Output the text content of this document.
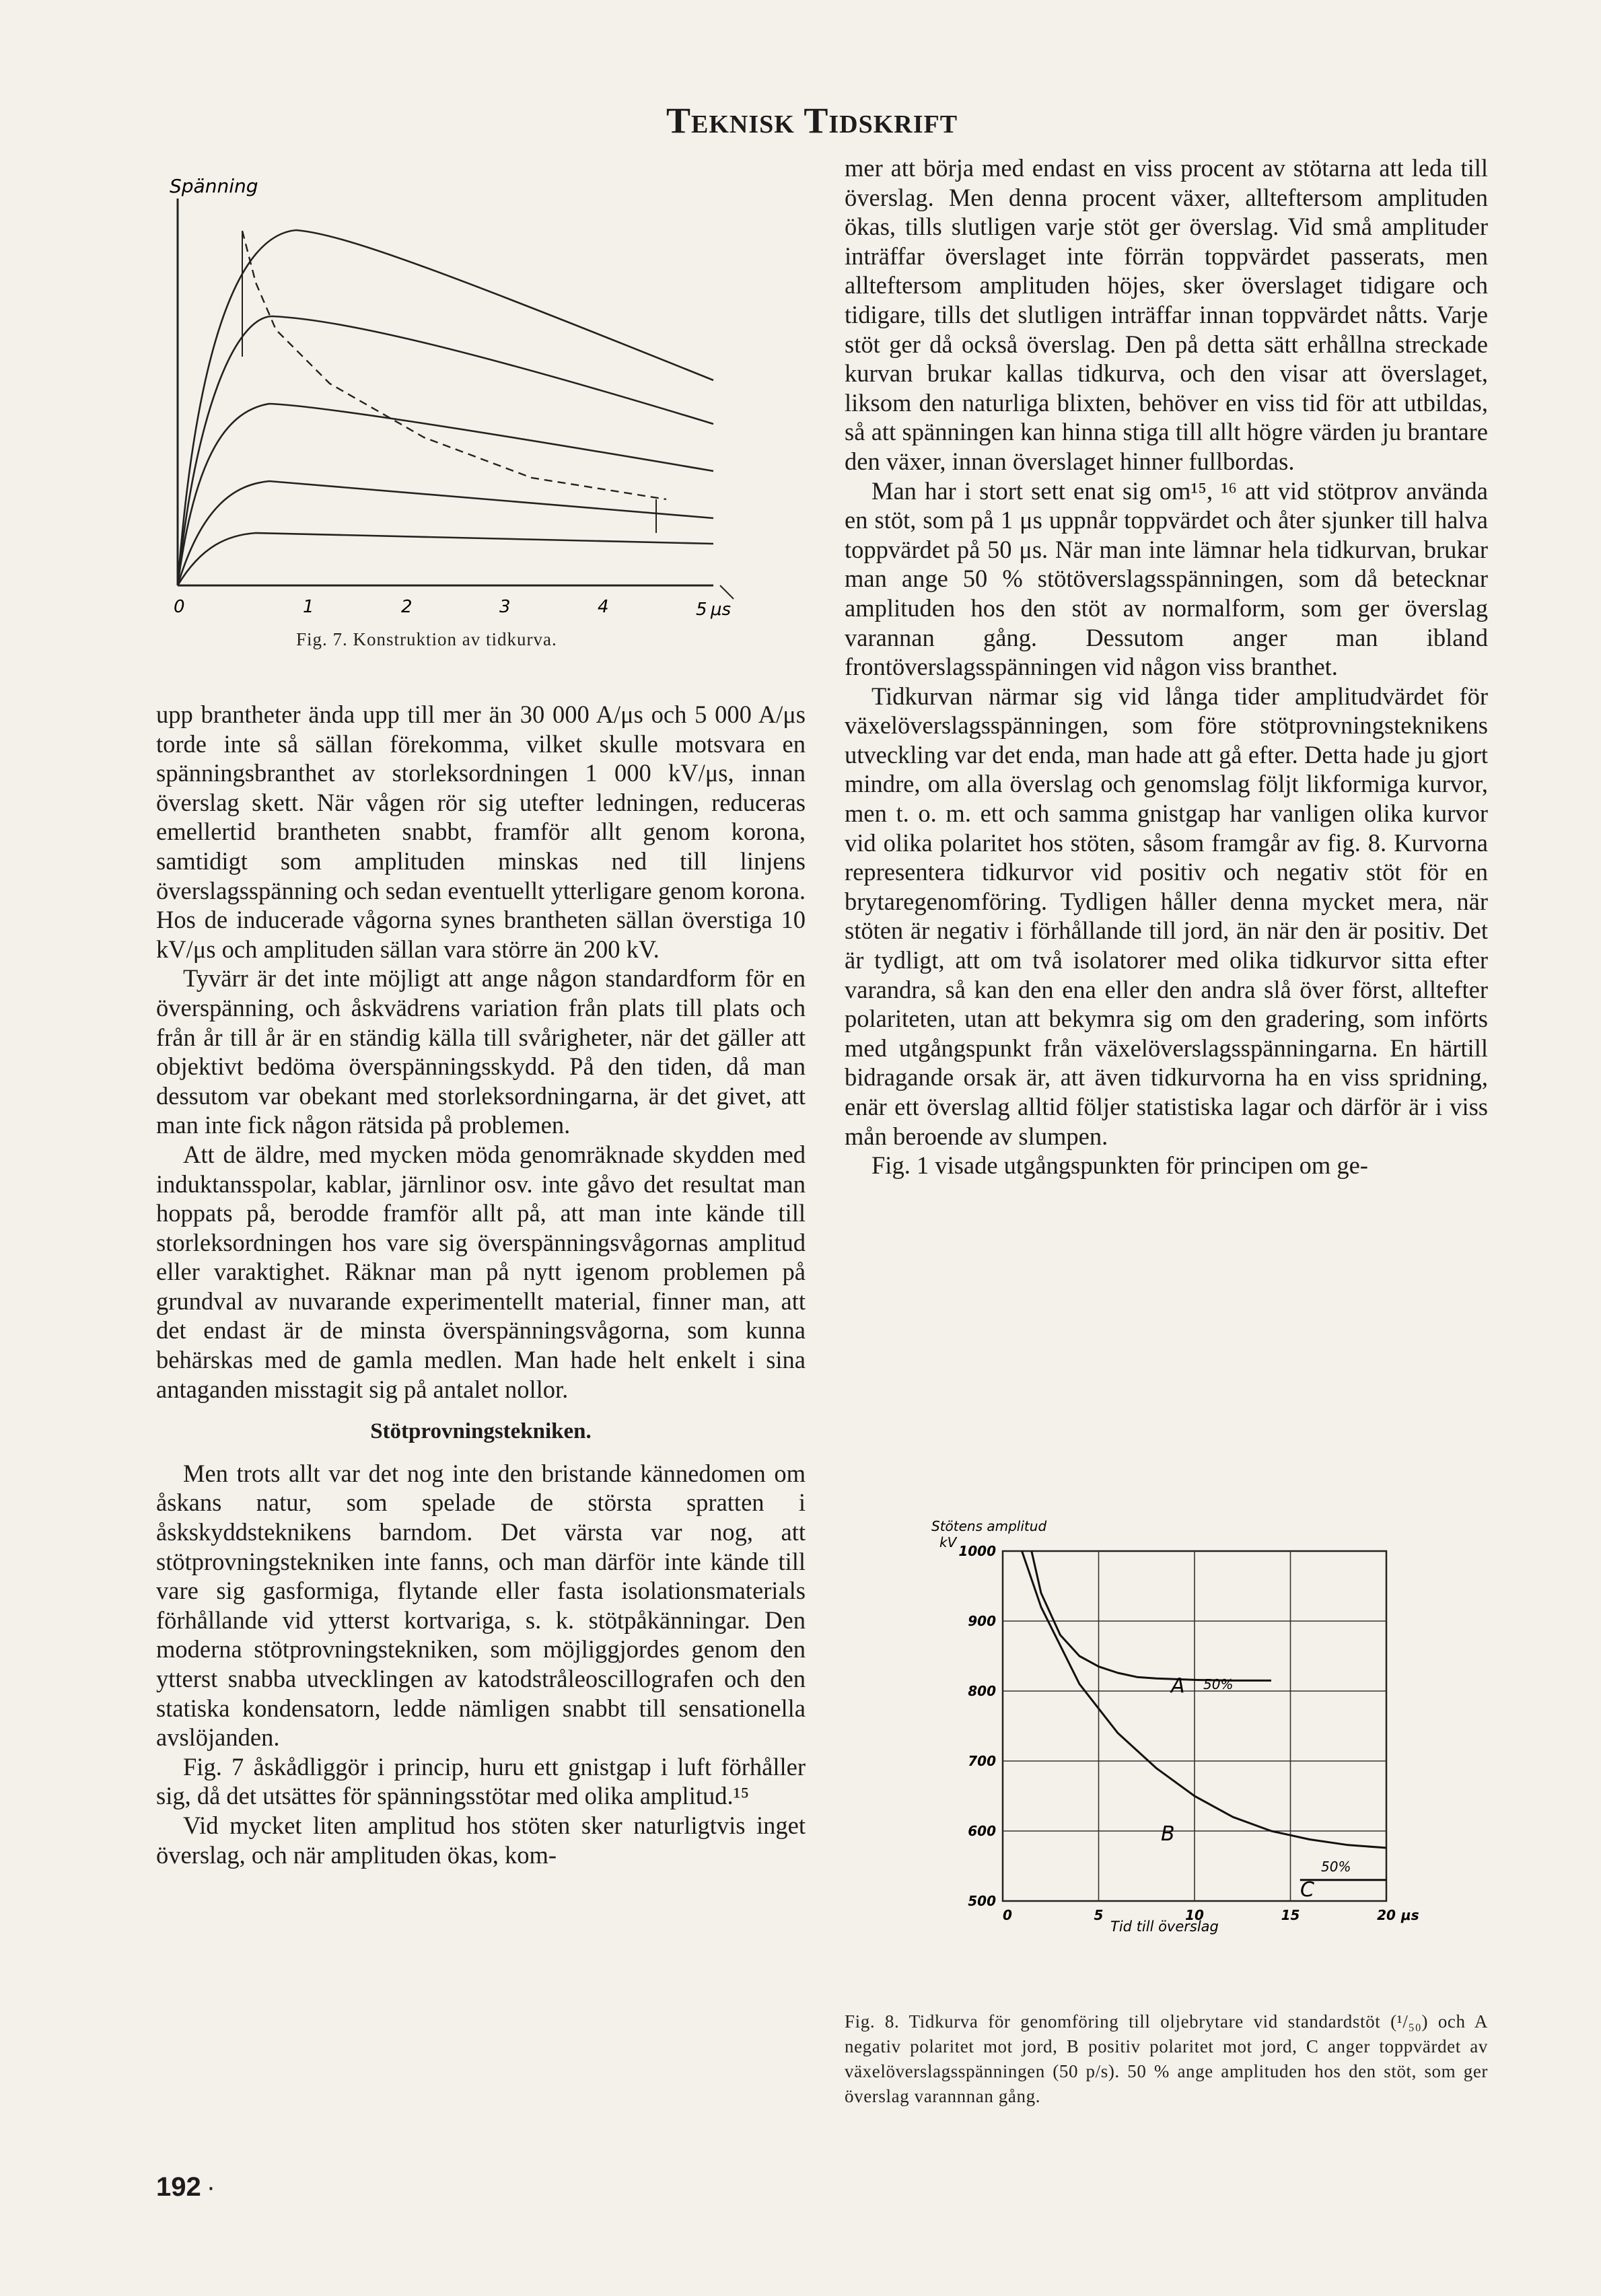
Teknisk Tidskrift
Spänning
0	1	2	3	4	5 μs
Fig. 7. Konstruktion av tidkurva.

upp brantheter ända upp till mer än 30 000 A/μs och 5 000 A/μs torde inte så sällan förekomma, vilket skulle motsvara en spänningsbranthet av storleksordningen 1 000 kV/μs, innan överslag skett. När vågen rör sig utefter ledningen, reduceras emellertid brantheten snabbt, framför allt genom korona, samtidigt som amplituden minskas ned till linjens överslagsspänning och sedan eventuellt ytterligare genom korona. Hos de inducerade vågorna synes brantheten sällan överstiga 10 kV/μs och amplituden sällan vara större än 200 kV.

Tyvärr är det inte möjligt att ange någon standardform för en överspänning, och åskvädrens variation från plats till plats och från år till år är en ständig källa till svårigheter, när det gäller att objektivt bedöma överspänningsskydd. På den tiden, då man dessutom var obekant med storleksordningarna, är det givet, att man inte fick någon rätsida på problemen.

Att de äldre, med mycken möda genomräknade skydden med induktansspolar, kablar, järnlinor osv. inte gåvo det resultat man hoppats på, berodde framför allt på, att man inte kände till storleksordningen hos vare sig överspänningsvågornas amplitud eller varaktighet. Räknar man på nytt igenom problemen på grundval av nuvarande experimentellt material, finner man, att det endast är de minsta överspänningsvågorna, som kunna behärskas med de gamla medlen. Man hade helt enkelt i sina antaganden misstagit sig på antalet nollor.

Stötprovningstekniken.

Men trots allt var det nog inte den bristande kännedomen om åskans natur, som spelade de största spratten i åskskyddsteknikens barndom. Det värsta var nog, att stötprovningstekniken inte fanns, och man därför inte kände till vare sig gasformiga, flytande eller fasta isolationsmaterials förhållande vid ytterst kortvariga, s. k. stötpåkänningar. Den moderna stötprovningstekniken, som möjliggjordes genom den ytterst snabba utvecklingen av katodstråleoscillografen och den statiska kondensatorn, ledde nämligen snabbt till sensationella avslöjanden.

Fig. 7 åskådliggör i princip, huru ett gnistgap i luft förhåller sig, då det utsättes för spänningsstötar med olika amplitud.¹⁵

Vid mycket liten amplitud hos stöten sker naturligtvis inget överslag, och när amplituden ökas, kom-

mer att börja med endast en viss procent av stötarna att leda till överslag. Men denna procent växer, allteftersom amplituden ökas, tills slutligen varje stöt ger överslag. Vid små amplituder inträffar överslaget inte förrän toppvärdet passerats, men allteftersom amplituden höjes, sker överslaget tidigare och tidigare, tills det slutligen inträffar innan toppvärdet nåtts. Varje stöt ger då också överslag. Den på detta sätt erhållna streckade kurvan brukar kallas tidkurva, och den visar att överslaget, liksom den naturliga blixten, behöver en viss tid för att utbildas, så att spänningen kan hinna stiga till allt högre värden ju brantare den växer, innan överslaget hinner fullbordas.

Man har i stort sett enat sig om¹⁵, ¹⁶ att vid stötprov använda en stöt, som på 1 μs uppnår toppvärdet och åter sjunker till halva toppvärdet på 50 μs. När man inte lämnar hela tidkurvan, brukar man ange 50 % stötöverslagsspänningen, som då betecknar amplituden hos den stöt av normalform, som ger överslag varannan gång. Dessutom anger man ibland frontöverslagsspänningen vid någon viss branthet.

Tidkurvan närmar sig vid långa tider amplitudvärdet för växelöverslagsspänningen, som före stötprovningsteknikens utveckling var det enda, man hade att gå efter. Detta hade ju gjort mindre, om alla överslag och genomslag följt likformiga kurvor, men t. o. m. ett och samma gnistgap har vanligen olika kurvor vid olika polaritet hos stöten, såsom framgår av fig. 8. Kurvorna representera tidkurvor vid positiv och negativ stöt för en brytaregenomföring. Tydligen håller denna mycket mera, när stöten är negativ i förhållande till jord, än när den är positiv. Det är tydligt, att om två isolatorer med olika tidkurvor sitta efter varandra, så kan den ena eller den andra slå över först, alltefter polariteten, utan att bekymra sig om den gradering, som införts med utgångspunkt från växelöverslagsspänningarna. En härtill bidragande orsak är, att även tidkurvorna ha en viss spridning, enär ett överslag alltid följer statistiska lagar och därför är i viss mån beroende av slumpen.

Fig. 1 visade utgångspunkten för principen om ge-

Stötens amplitud
kV
1000
900
800
700
600
500
0	5	10	15	20 μs
Tid till överslag
A 50%
B
50%
C
Fig. 8. Tidkurva för genomföring till oljebrytare vid standardstöt (¹/₅₀) och A negativ polaritet mot jord, B positiv polaritet mot jord, C anger toppvärdet av växelöverslagsspänningen (50 p/s). 50 % ange amplituden hos den stöt, som ger överslag varannnan gång.
192 ·
